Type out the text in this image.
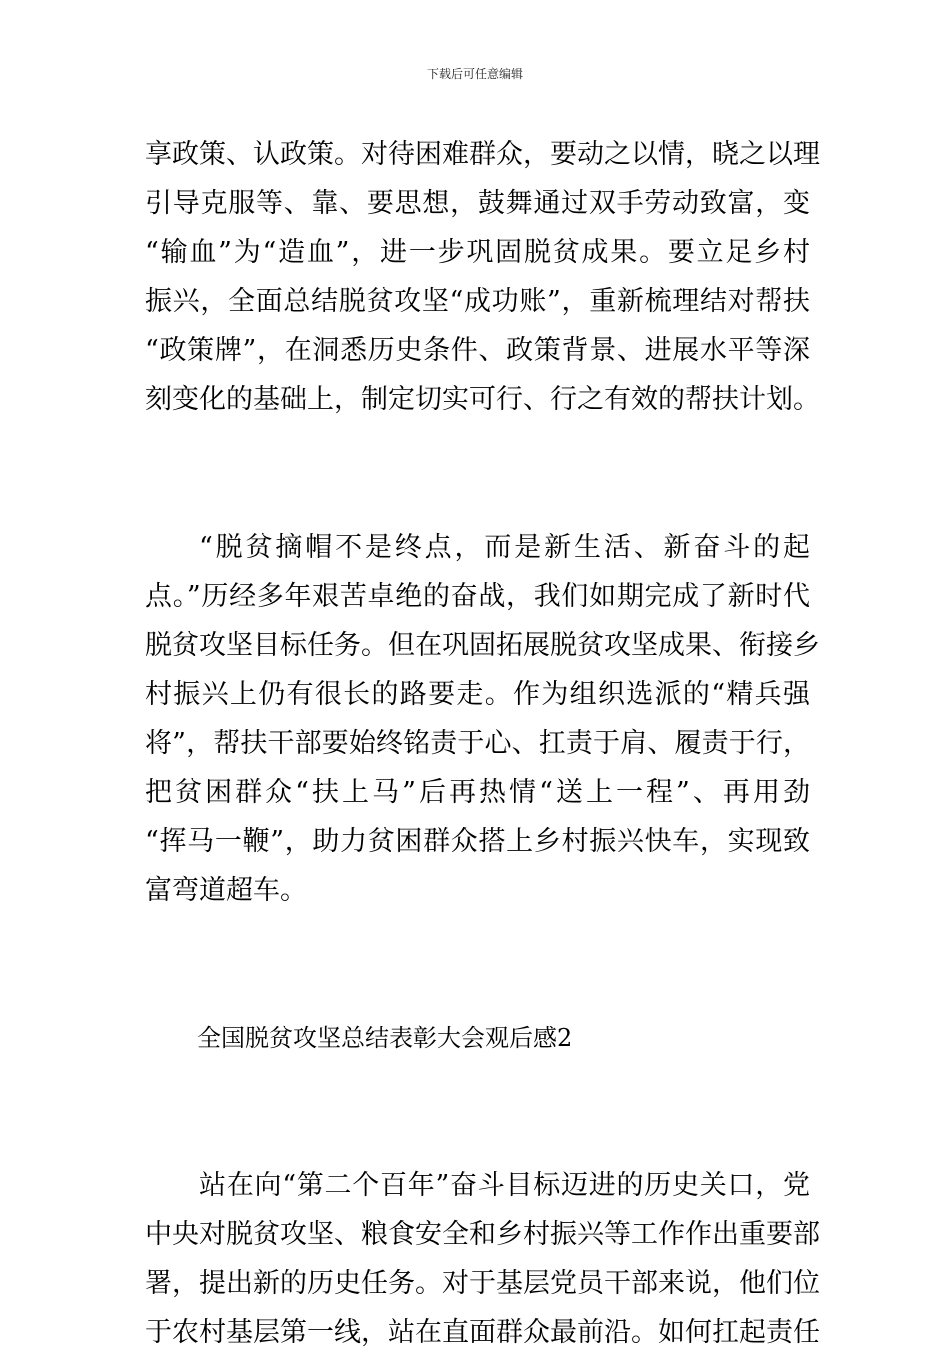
下载后可任意编辑
享政策、认政策。对待困难群众，要动之以情，晓之以理
引导克服等、靠、要思想，鼓舞通过双手劳动致富，变
“输血”为“造血”，进一步巩固脱贫成果。要立足乡村
振兴，全面总结脱贫攻坚“成功账”，重新梳理结对帮扶
“政策牌”，在洞悉历史条件、政策背景、进展水平等深
刻变化的基础上，制定切实可行、行之有效的帮扶计划。
“脱贫摘帽不是终点，而是新生活、新奋斗的起
点。”历经多年艰苦卓绝的奋战，我们如期完成了新时代
脱贫攻坚目标任务。但在巩固拓展脱贫攻坚成果、衔接乡
村振兴上仍有很长的路要走。作为组织选派的“精兵强
将”，帮扶干部要始终铭责于心、扛责于肩、履责于行，
把贫困群众“扶上马”后再热情“送上一程”、再用劲
“挥马一鞭”，助力贫困群众搭上乡村振兴快车，实现致
富弯道超车。
全国脱贫攻坚总结表彰大会观后感2
站在向“第二个百年”奋斗目标迈进的历史关口，党
中央对脱贫攻坚、粮食安全和乡村振兴等工作作出重要部
署，提出新的历史任务。对于基层党员干部来说，他们位
于农村基层第一线，站在直面群众最前沿。如何扛起责任
